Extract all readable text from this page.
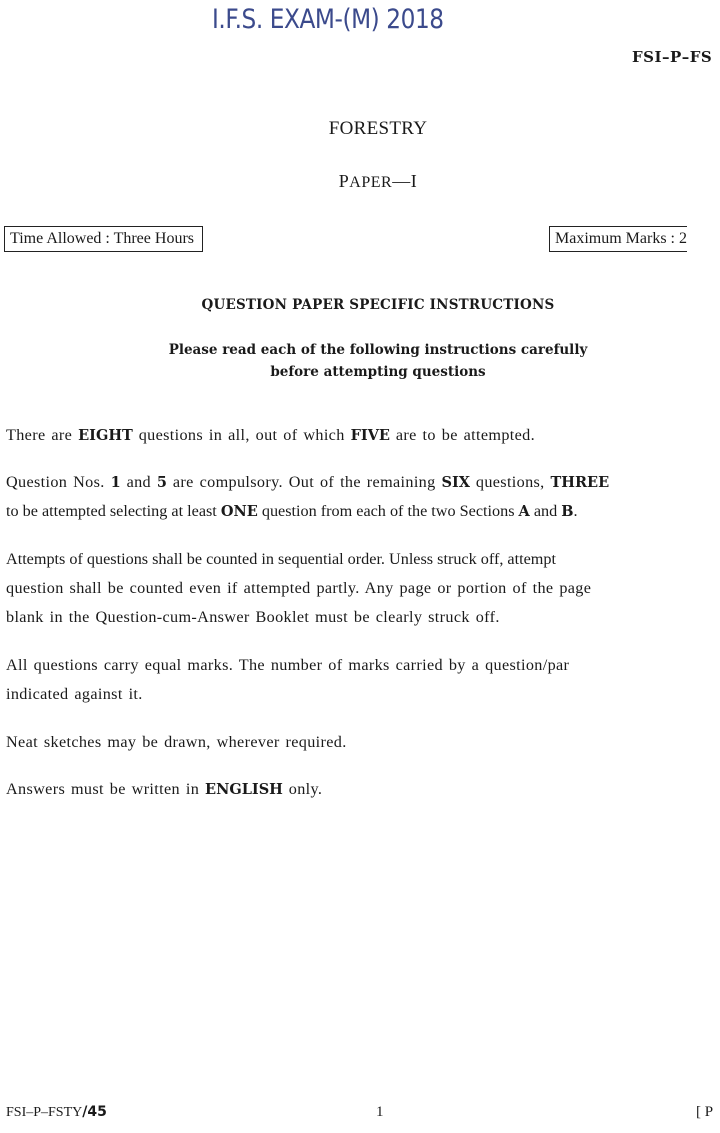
I.F.S. EXAM-(M) 2018
FSI–P–FS
FORESTRY
PAPER—I
Time Allowed : Three Hours	Maximum Marks : 2
QUESTION PAPER SPECIFIC INSTRUCTIONS
Please read each of the following instructions carefully
before attempting questions
There are EIGHT questions in all, out of which FIVE are to be attempted.
Question Nos. 1 and 5 are compulsory. Out of the remaining SIX questions, THREE
to be attempted selecting at least ONE question from each of the two Sections A and B.
Attempts of questions shall be counted in sequential order. Unless struck off, attempt
question shall be counted even if attempted partly. Any page or portion of the page
blank in the Question-cum-Answer Booklet must be clearly struck off.
All questions carry equal marks. The number of marks carried by a question/par
indicated against it.
Neat sketches may be drawn, wherever required.
Answers must be written in ENGLISH only.
FSI–P–FSTY/45	1	[ P
